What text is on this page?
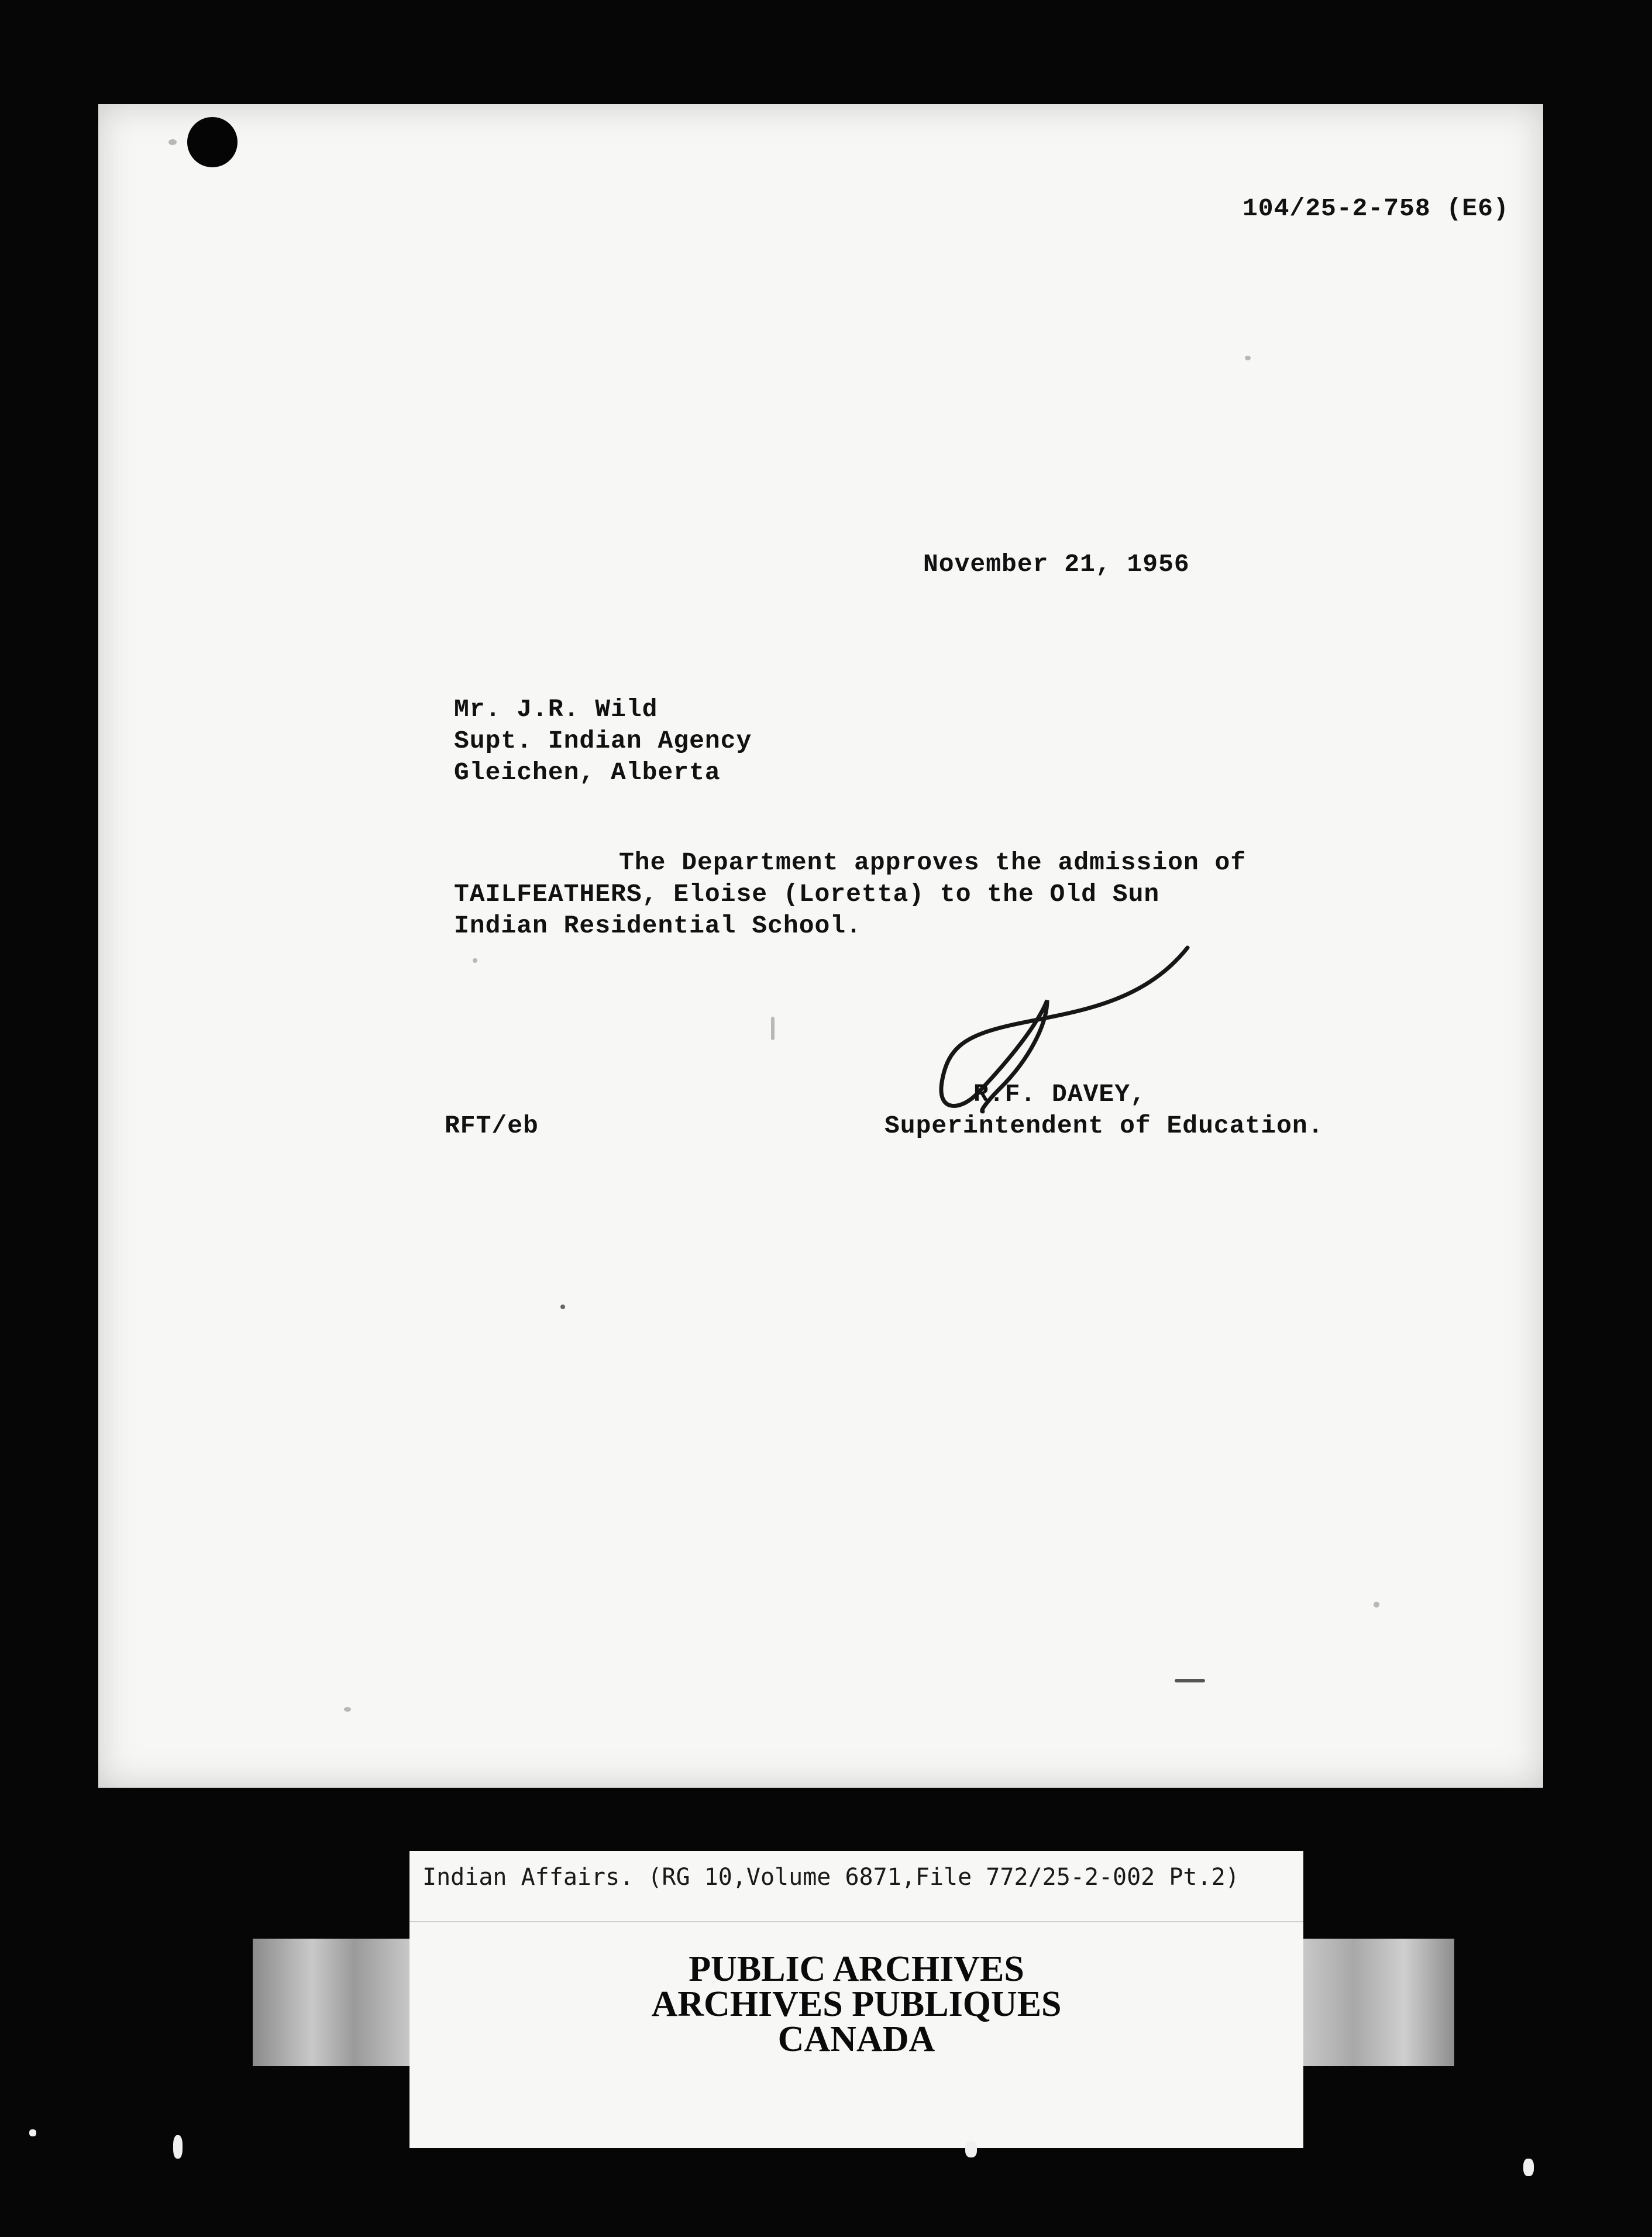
104/25-2-758 (E6)
November 21, 1956
Mr. J.R. Wild
Supt. Indian Agency
Gleichen, Alberta
The Department approves the admission of
TAILFEATHERS, Eloise (Loretta) to the Old Sun
Indian Residential School.
RFT/eb
R.F. DAVEY,
Superintendent of Education.
Indian Affairs. (RG 10,Volume 6871,File 772/25-2-002 Pt.2)
PUBLIC ARCHIVES
ARCHIVES PUBLIQUES
CANADA
